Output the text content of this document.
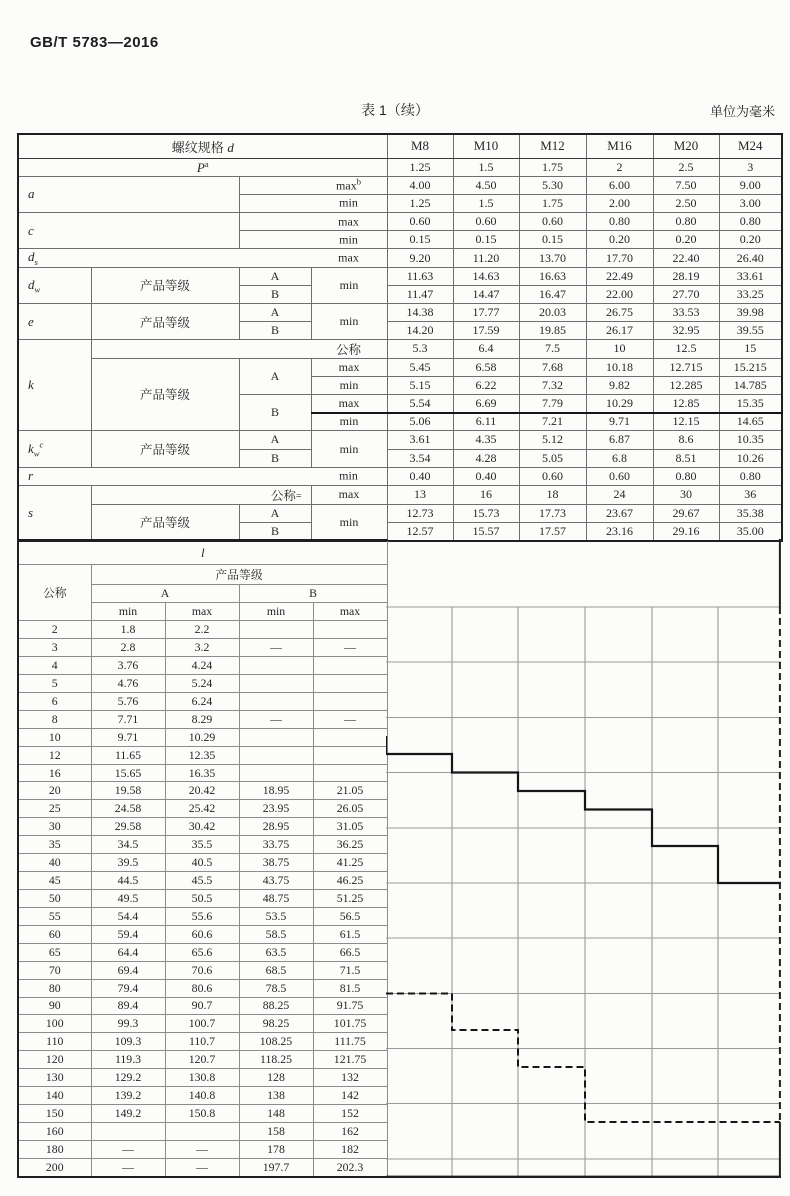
GB/T 5783—2016
表 1（续）	单位为毫米
螺纹规格 d				M8	M10	M12	M16	M20	M24
$P^a$				1.25	1.5	1.75	2	2.5	3
a		$\max^b$		4.00	4.50	5.30	6.00	7.50	9.00

		min		1.25	1.5	1.75	2.00	2.50	3.00
c		max		0.60	0.60	0.60	0.80	0.80	0.80

		min		0.15	0.15	0.15	0.20	0.20	0.20

$d_s$ max				9.20	11.20	13.70	17.70	22.40	26.40
$d_w$	产品等级	A	min	11.63	14.63	16.63	22.49	28.19	33.61
		B		11.47	14.47	16.47	22.00	27.70	33.25
e	产品等级	A	min	14.38	17.77	20.03	26.75	33.53	39.98
		B		14.20	17.59	19.85	26.17	32.95	39.55
k	公称			5.3	6.4	7.5	10	12.5	15
	产品等级	A	max	5.45	6.58	7.68	10.18	12.715	15.215
			min	5.15	6.22	7.32	9.82	12.285	14.785
		B	max	5.54	6.69	7.79	10.29	12.85	15.35
			min	5.06	6.11	7.21	9.71	12.15	14.65
$k_w^c$	产品等级	A	min	3.61	4.35	5.12	6.87	8.6	10.35
		B		3.54	4.28	5.05	6.8	8.51	10.26

r min				0.40	0.40	0.60	0.60	0.80	0.80
s	公称=		max	13	16	18	24	30	36
	产品等级	A	min	12.73	15.73	17.73	23.67	29.67	35.38
		B		12.57	15.57	17.57	23.16	29.16	35.00
l				
公称	产品等级			
	A		B	
	min	max	min	max
2	1.8	2.2		
3	2.8	3.2	—	—
4	3.76	4.24		
5	4.76	5.24		
6	5.76	6.24		
8	7.71	8.29	—	—
10	9.71	10.29		
12	11.65	12.35		
16	15.65	16.35		
20	19.58	20.42	18.95	21.05
25	24.58	25.42	23.95	26.05
30	29.58	30.42	28.95	31.05
35	34.5	35.5	33.75	36.25
40	39.5	40.5	38.75	41.25
45	44.5	45.5	43.75	46.25
50	49.5	50.5	48.75	51.25
55	54.4	55.6	53.5	56.5
60	59.4	60.6	58.5	61.5
65	64.4	65.6	63.5	66.5
70	69.4	70.6	68.5	71.5
80	79.4	80.6	78.5	81.5
90	89.4	90.7	88.25	91.75
100	99.3	100.7	98.25	101.75
110	109.3	110.7	108.25	111.75
120	119.3	120.7	118.25	121.75
130	129.2	130.8	128	132
140	139.2	140.8	138	142
150	149.2	150.8	148	152
160			158	162
180	—	—	178	182
200	—	—	197.7	202.3
